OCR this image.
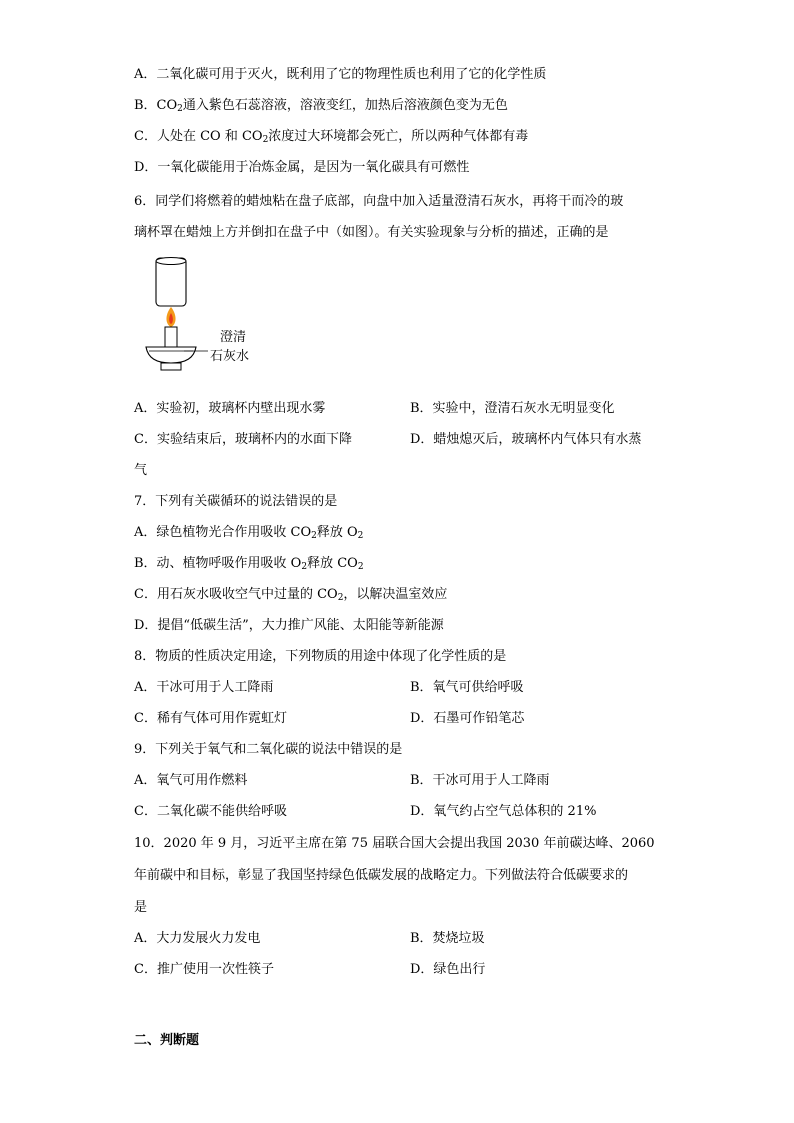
A．二氧化碳可用于灭火，既利用了它的物理性质也利用了它的化学性质
B．$CO_2$通入紫色石蕊溶液，溶液变红，加热后溶液颜色变为无色
C．人处在 CO 和 $CO_2$浓度过大环境都会死亡，所以两种气体都有毒
D．一氧化碳能用于冶炼金属，是因为一氧化碳具有可燃性
6．同学们将燃着的蜡烛粘在盘子底部，向盘中加入适量澄清石灰水，再将干而冷的玻
璃杯罩在蜡烛上方并倒扣在盘子中（如图）。有关实验现象与分析的描述，正确的是
澄清
石灰水
A．实验初，玻璃杯内壁出现水雾	B．实验中，澄清石灰水无明显变化
C．实验结束后，玻璃杯内的水面下降	D．蜡烛熄灭后，玻璃杯内气体只有水蒸
气
7．下列有关碳循环的说法错误的是
A．绿色植物光合作用吸收 $CO_2$释放 $O_2$
B．动、植物呼吸作用吸收 $O_2$释放 $CO_2$
C．用石灰水吸收空气中过量的 $CO_2$，以解决温室效应
D．提倡“低碳生活”，大力推广风能、太阳能等新能源
8．物质的性质决定用途，下列物质的用途中体现了化学性质的是
A．干冰可用于人工降雨	B．氧气可供给呼吸
C．稀有气体可用作霓虹灯	D．石墨可作铅笔芯
9．下列关于氧气和二氧化碳的说法中错误的是
A．氧气可用作燃料	B．干冰可用于人工降雨
C．二氧化碳不能供给呼吸	D．氧气约占空气总体积的 21%
10．2020 年 9 月，习近平主席在第 75 届联合国大会提出我国 2030 年前碳达峰、2060
年前碳中和目标，彰显了我国坚持绿色低碳发展的战略定力。下列做法符合低碳要求的
是
A．大力发展火力发电	B．焚烧垃圾
C．推广使用一次性筷子	D．绿色出行
二、判断题
